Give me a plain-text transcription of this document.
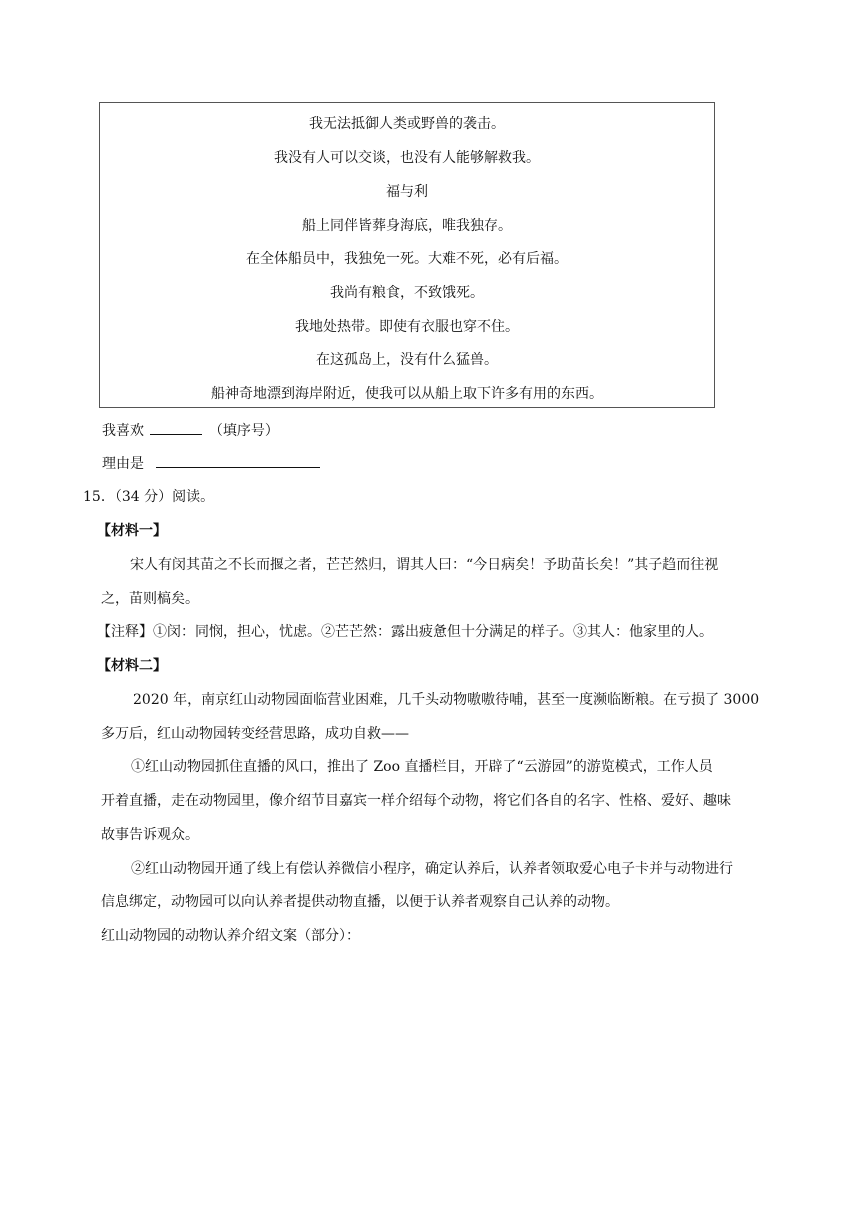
我无法抵御人类或野兽的袭击。
我没有人可以交谈，也没有人能够解救我。
福与利
船上同伴皆葬身海底，唯我独存。
在全体船员中，我独免一死。大难不死，必有后福。
我尚有粮食，不致饿死。
我地处热带。即使有衣服也穿不住。
在这孤岛上，没有什么猛兽。
船神奇地漂到海岸附近，使我可以从船上取下许多有用的东西。
我喜欢	（填序号）
理由是
15．（34 分）阅读。
【材料一】
宋人有闵其苗之不长而揠之者，芒芒然归，谓其人曰：“今日病矣！予助苗长矣！”其子趋而往视
之，苗则槁矣。
【注释】①闵：同悯，担心，忧虑。②芒芒然：露出疲惫但十分满足的样子。③其人：他家里的人。
【材料二】
2020 年，南京红山动物园面临营业困难，几千头动物嗷嗷待哺，甚至一度濒临断粮。在亏损了 3000
多万后，红山动物园转变经营思路，成功自救——
①红山动物园抓住直播的风口，推出了 Zoo 直播栏目，开辟了“云游园”的游览模式，工作人员
开着直播，走在动物园里，像介绍节目嘉宾一样介绍每个动物，将它们各自的名字、性格、爱好、趣味
故事告诉观众。
②红山动物园开通了线上有偿认养微信小程序，确定认养后，认养者领取爱心电子卡并与动物进行
信息绑定，动物园可以向认养者提供动物直播，以便于认养者观察自己认养的动物。
红山动物园的动物认养介绍文案（部分）：
